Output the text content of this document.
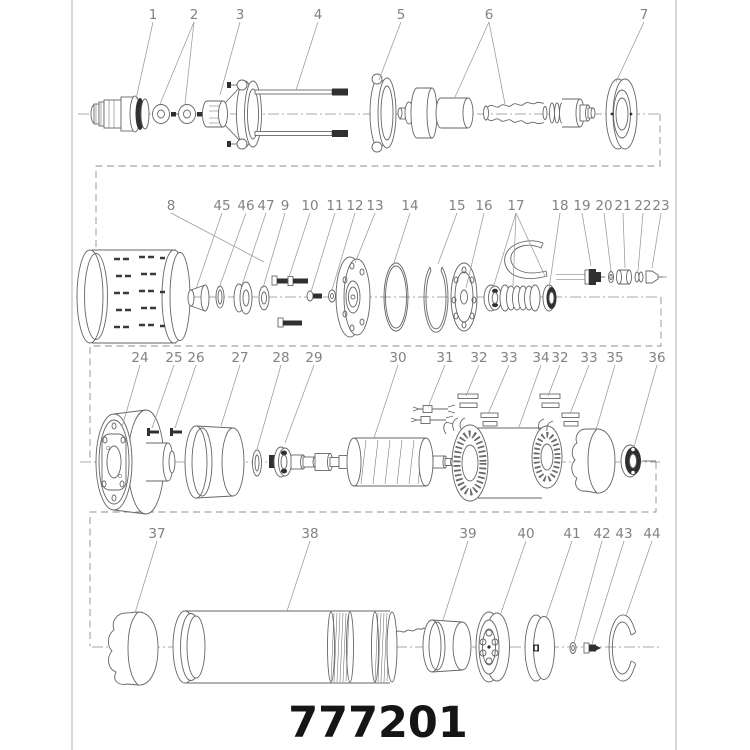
1 2	3	4	5	6	7
8	45 46 47 9 10 11 12 13 14 15 16 17 18 19 20 21 22 23
24 25 26 27 28 29	30 31 32 33 34 32 33 35 36
37	38	39	40 41 42 43 44
777201
